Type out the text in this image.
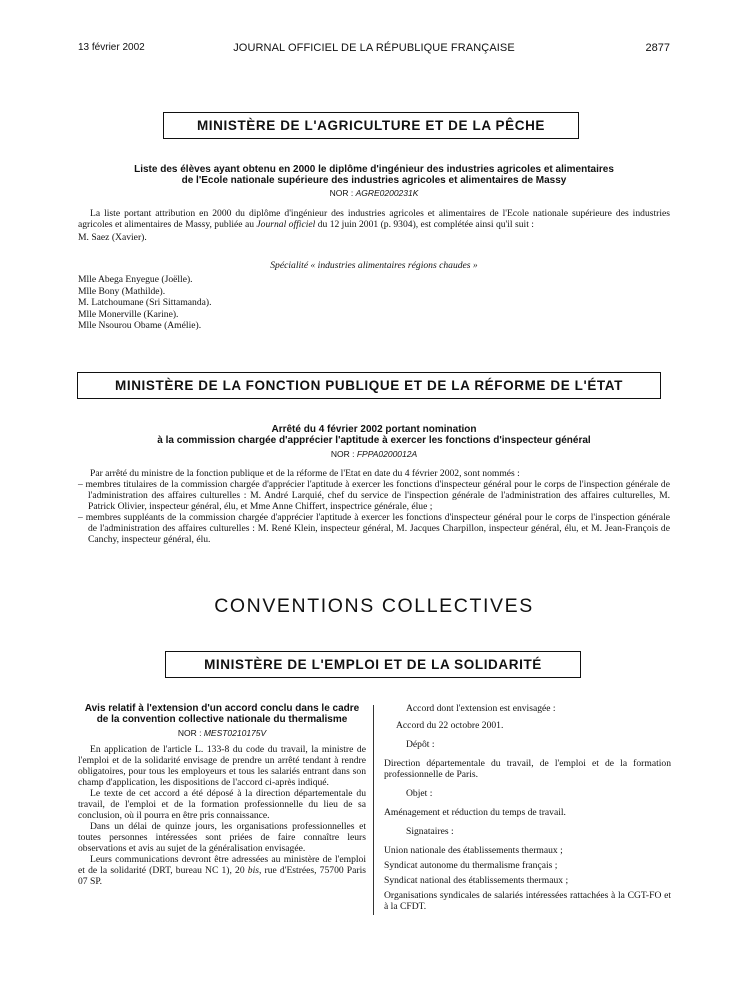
13 février 2002	JOURNAL OFFICIEL DE LA RÉPUBLIQUE FRANÇAISE	2877
MINISTÈRE DE L'AGRICULTURE ET DE LA PÊCHE
Liste des élèves ayant obtenu en 2000 le diplôme d'ingénieur des industries agricoles et alimentaires
de l'Ecole nationale supérieure des industries agricoles et alimentaires de Massy
NOR : AGRE0200231K
La liste portant attribution en 2000 du diplôme d'ingénieur des industries agricoles et alimentaires de l'Ecole nationale supérieure des industries agricoles et alimentaires de Massy, publiée au Journal officiel du 12 juin 2001 (p. 9304), est complétée ainsi qu'il suit :
M. Saez (Xavier).
Spécialité « industries alimentaires régions chaudes »
Mlle Abega Enyegue (Joëlle).
Mlle Bony (Mathilde).
M. Latchoumane (Sri Sittamanda).
Mlle Monerville (Karine).
Mlle Nsourou Obame (Amélie).
MINISTÈRE DE LA FONCTION PUBLIQUE ET DE LA RÉFORME DE L'ÉTAT
Arrêté du 4 février 2002 portant nomination
à la commission chargée d'apprécier l'aptitude à exercer les fonctions d'inspecteur général
NOR : FPPA0200012A
Par arrêté du ministre de la fonction publique et de la réforme de l'Etat en date du 4 février 2002, sont nommés :
– membres titulaires de la commission chargée d'apprécier l'aptitude à exercer les fonctions d'inspecteur général pour le corps de l'inspection générale de l'administration des affaires culturelles : M. André Larquié, chef du service de l'inspection générale de l'administration des affaires culturelles, M. Patrick Olivier, inspecteur général, élu, et Mme Anne Chiffert, inspectrice générale, élue ;
– membres suppléants de la commission chargée d'apprécier l'aptitude à exercer les fonctions d'inspecteur général pour le corps de l'inspection générale de l'administration des affaires culturelles : M. René Klein, inspecteur général, M. Jacques Charpillon, inspecteur général, élu, et M. Jean-François de Canchy, inspecteur général, élu.
CONVENTIONS COLLECTIVES
MINISTÈRE DE L'EMPLOI ET DE LA SOLIDARITÉ
Avis relatif à l'extension d'un accord conclu dans le cadre
de la convention collective nationale du thermalisme
NOR : MEST0210175V
En application de l'article L. 133-8 du code du travail, la ministre de l'emploi et de la solidarité envisage de prendre un arrêté tendant à rendre obligatoires, pour tous les employeurs et tous les salariés entrant dans son champ d'application, les dispositions de l'accord ci-après indiqué.
Le texte de cet accord a été déposé à la direction départementale du travail, de l'emploi et de la formation professionnelle du lieu de sa conclusion, où il pourra en être pris connaissance.
Dans un délai de quinze jours, les organisations professionnelles et toutes personnes intéressées sont priées de faire connaître leurs observations et avis au sujet de la généralisation envisagée.
Leurs communications devront être adressées au ministère de l'emploi et de la solidarité (DRT, bureau NC 1), 20 bis, rue d'Estrées, 75700 Paris 07 SP.
Accord dont l'extension est envisagée :
Accord du 22 octobre 2001.
Dépôt :
Direction départementale du travail, de l'emploi et de la formation professionnelle de Paris.
Objet :
Aménagement et réduction du temps de travail.
Signataires :
Union nationale des établissements thermaux ;
Syndicat autonome du thermalisme français ;
Syndicat national des établissements thermaux ;
Organisations syndicales de salariés intéressées rattachées à la CGT-FO et à la CFDT.
